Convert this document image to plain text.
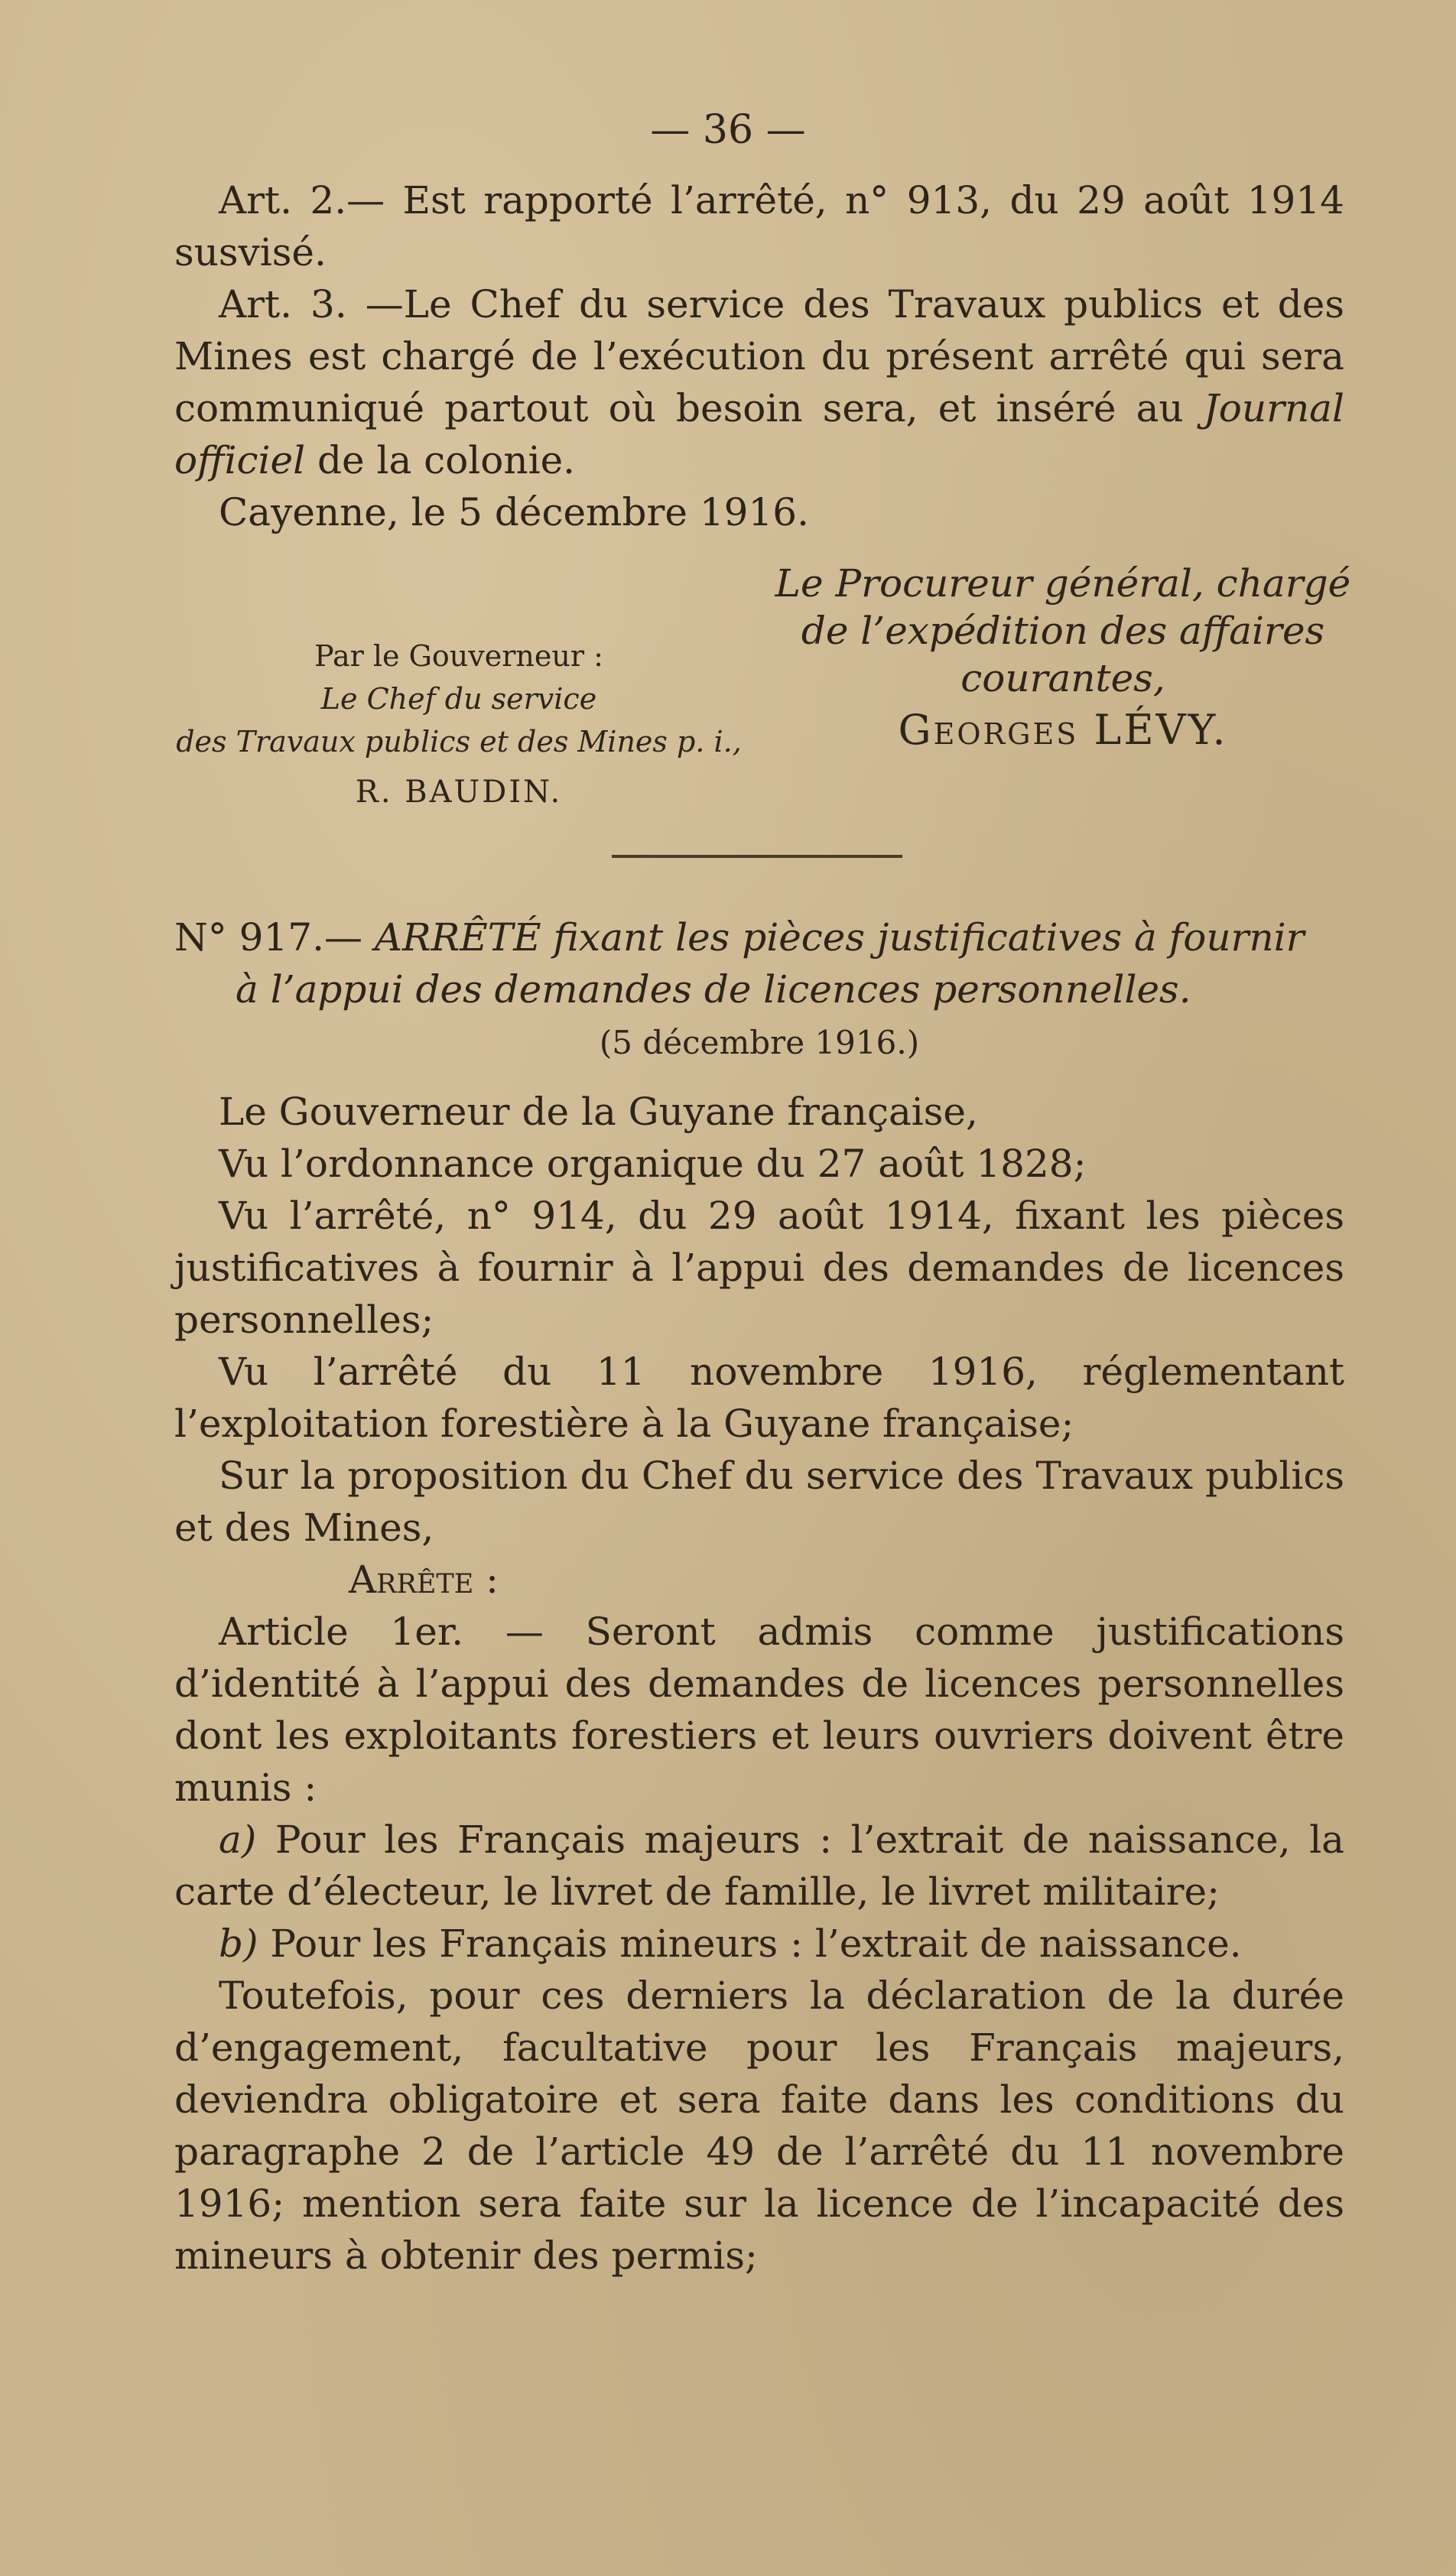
— 36 —

Art. 2.— Est rapporté l’arrêté, n° 913, du 29 août 1914 susvisé.

Art. 3. —Le Chef du service des Travaux publics et des Mines est chargé de l’exécution du présent arrêté qui sera communiqué partout où besoin sera, et inséré au Journal officiel de la colonie.

Cayenne, le 5 décembre 1916.

Le Procureur général, chargé
de l’expédition des affaires
courantes,
Georges LÉVY.
Par le Gouverneur :
Le Chef du service
des Travaux publics et des Mines p. i.,
R. BAUDIN.
N° 917.— ARRÊTÉ fixant les pièces justificatives à fournir
à l’appui des demandes de licences personnelles.
(5 décembre 1916.)

Le Gouverneur de la Guyane française,

Vu l’ordonnance organique du 27 août 1828;

Vu l’arrêté, n° 914, du 29 août 1914, fixant les pièces justificatives à fournir à l’appui des demandes de licences personnelles;

Vu l’arrêté du 11 novembre 1916, réglementant l’exploitation forestière à la Guyane française;

Sur la proposition du Chef du service des Travaux publics et des Mines,

Arrête :

Article 1er. — Seront admis comme justifications d’identité à l’appui des demandes de licences personnelles dont les exploitants forestiers et leurs ouvriers doivent être munis :

a) Pour les Français majeurs : l’extrait de naissance, la carte d’électeur, le livret de famille, le livret militaire;

b) Pour les Français mineurs : l’extrait de naissance.

Toutefois, pour ces derniers la déclaration de la durée d’engagement, facultative pour les Français majeurs, deviendra obligatoire et sera faite dans les conditions du paragraphe 2 de l’article 49 de l’arrêté du 11 novembre 1916; mention sera faite sur la licence de l’incapacité des mineurs à obtenir des permis;
